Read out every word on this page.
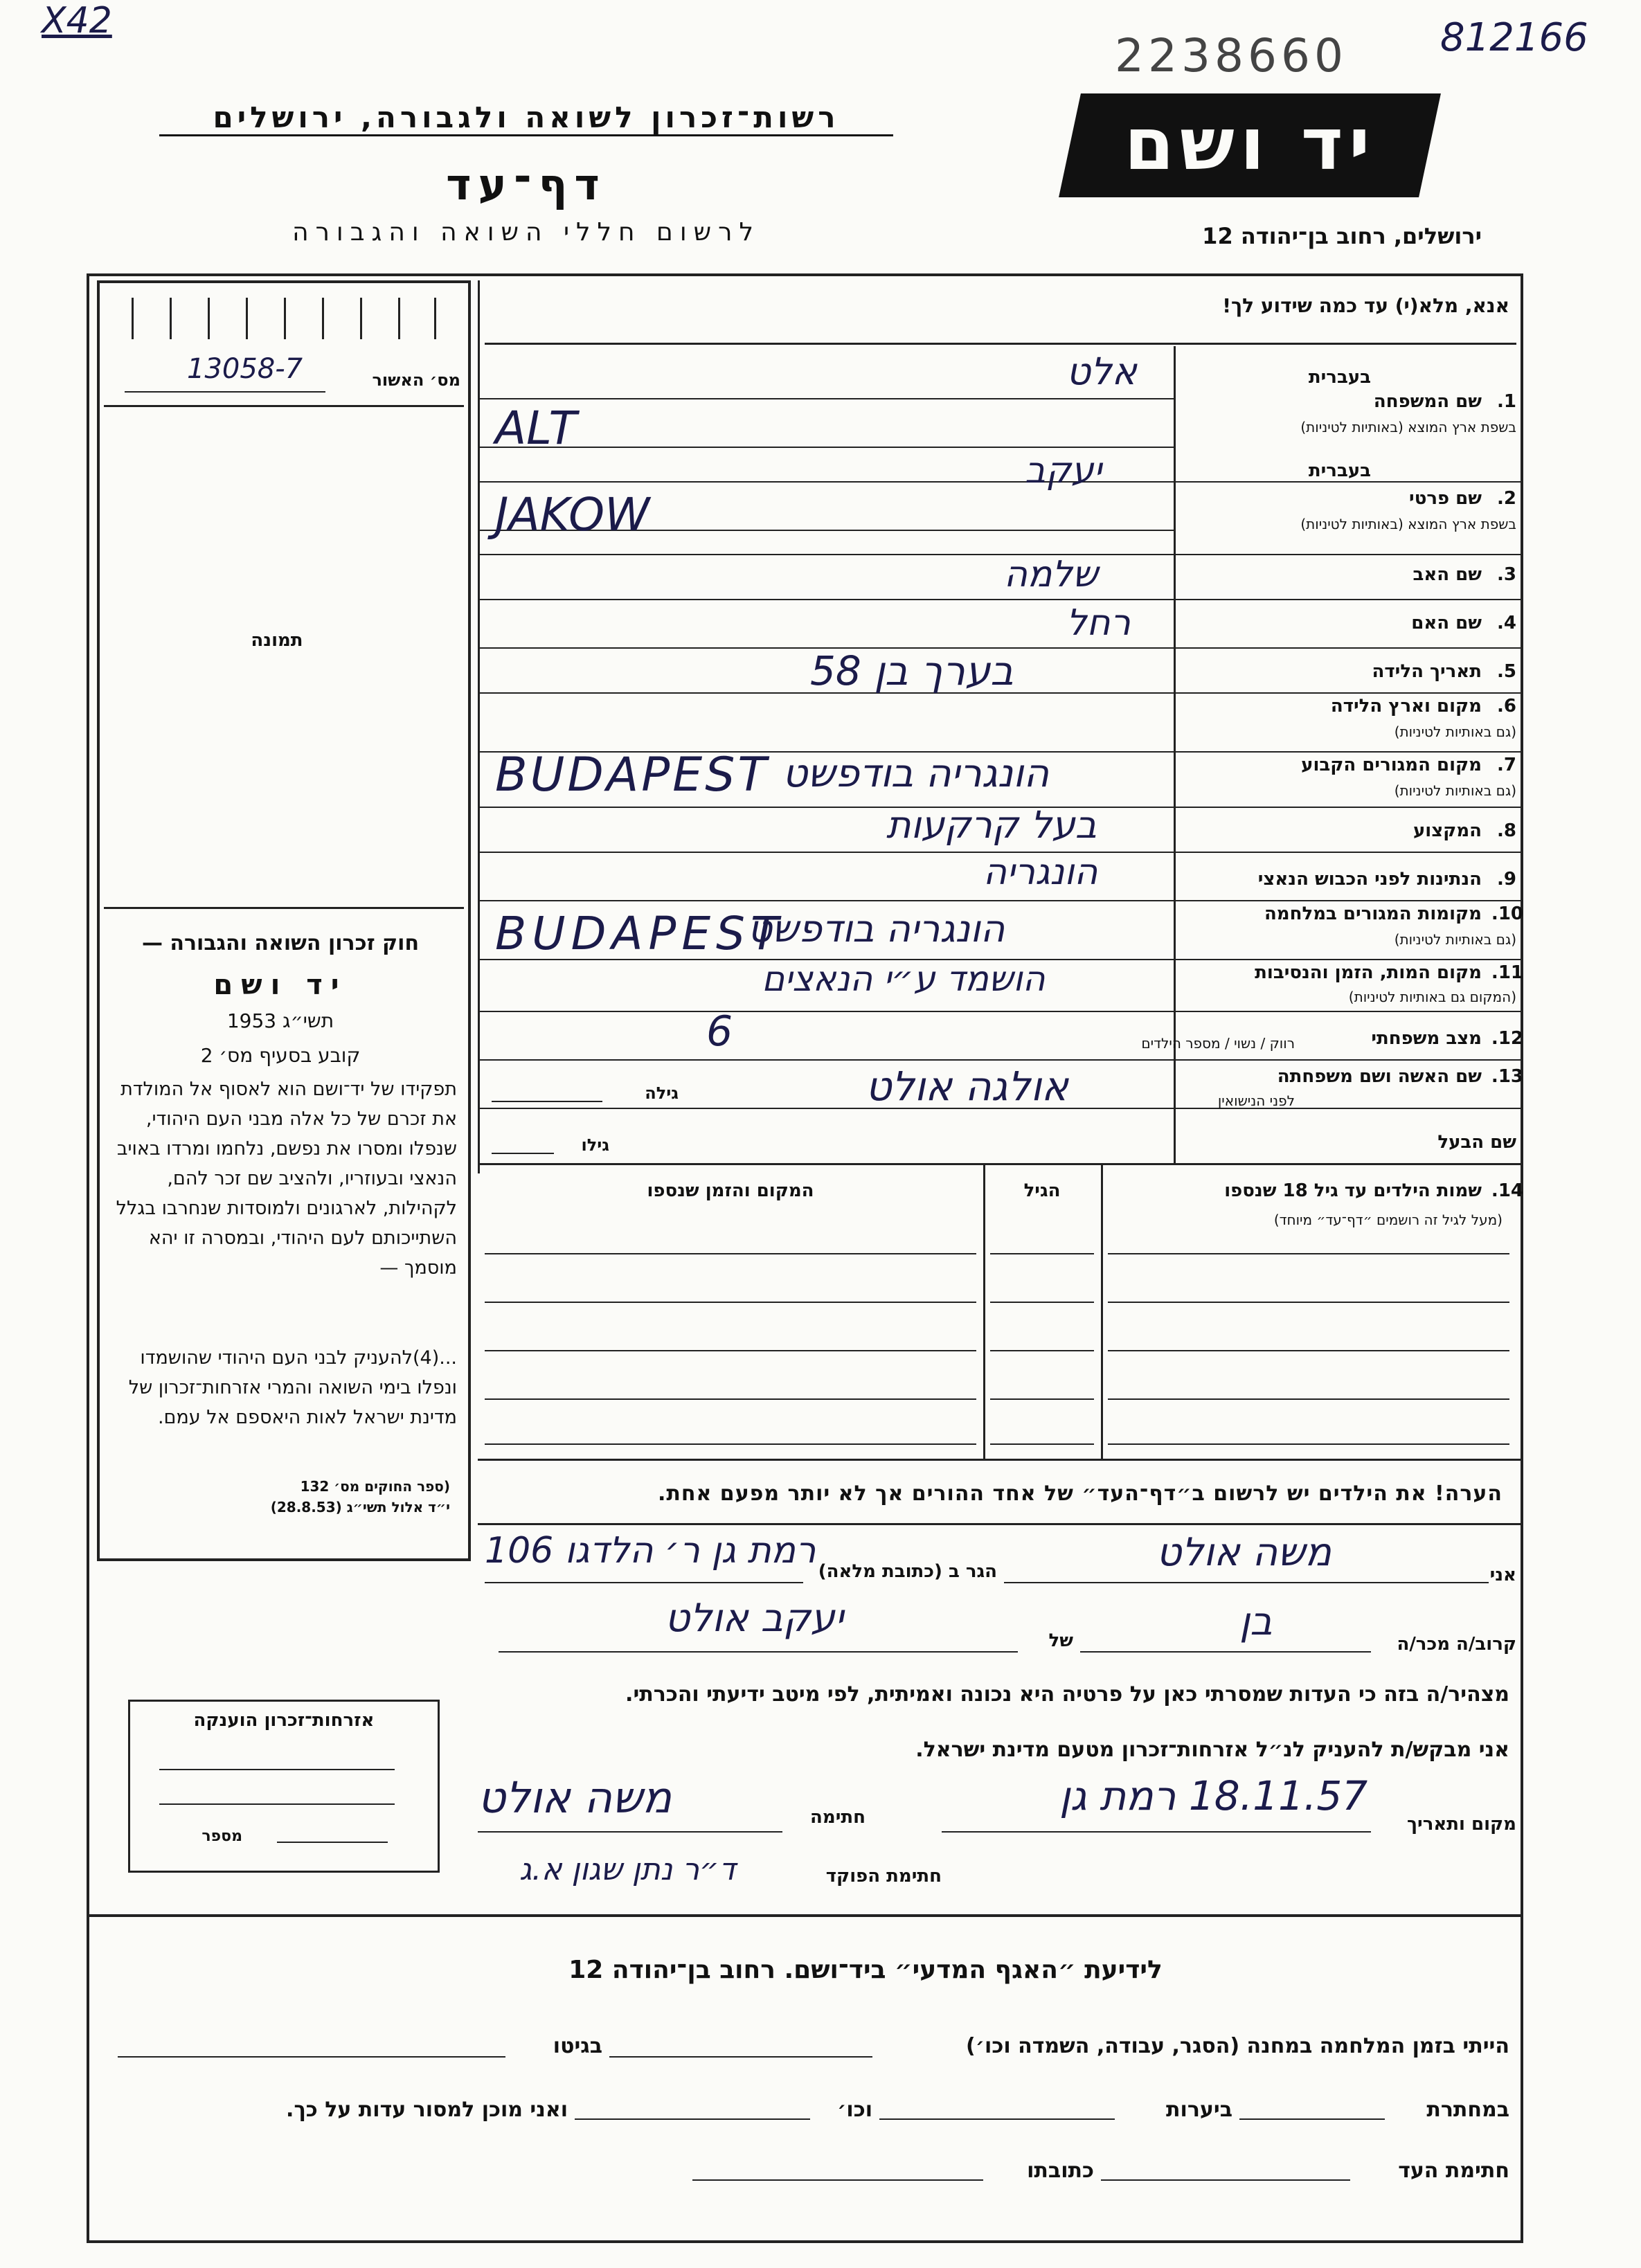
X42
2238660 812166
רשות־זכרון לשואה ולגבורה, ירושלים
דף־עד
לרשום חללי השואה והגבורה
יד ושם
ירושלים, רחוב בן־יהודה 12
מס׳ האשור
13058-7
תמונה
חוק זכרון השואה והגבורה —
יד ושם
תשי״ג 1953
קובע בסעיף מס׳ 2
תפקידו של יד־ושם הוא לאסוף אל המולדת את זכרם של כל אלה מבני העם היהודי, שנפלו ומסרו את נפשם, נלחמו ומרדו באויב הנאצי ובעוזריו, ולהציב שם זכר להם, לקהילות, לארגונים ולמוסדות שנחרבו בגלל השתייכותם לעם היהודי, ובמסרה זו יהא מוסמך —
...(4)להעניק לבני העם היהודי שהושמדו ונפלו בימי השואה והמרי אזרחות־זכרון של מדינת ישראל לאות היאספם אל עמם.
(ספר החוקים מס׳ 132
י״ד אלול תשי״ג (28.8.53)
אנא, מלא(י) עד כמה שידוע לך!
בעברית
1.
שם המשפחה
בשפת ארץ המוצא (באותיות לטיניות)
אלט
ALT
בעברית
2.
שם פרטי
בשפת ארץ המוצא (באותיות לטיניות)
יעקב
JAKOW
3.
שם האב
שלמה
4.
שם האם
רחל
5.
תאריך הלידה
בערך בן 58
6.
מקום וארץ הלידה
(גם באותיות לטיניות)
7.
מקום המגורים הקבוע
(גם באותיות לטיניות)
BUDAPEST הונגריה בודפשט
8.
המקצוע
בעל קרקעות
9.
הנתינות לפני הכבוש הנאצי
הונגריה
10.
מקומות המגורים במלחמה
(גם באותיות לטיניות)
BUDAPEST
הונגריה בודפשט
11.
מקום המות, הזמן והנסיבות
(המקום גם באותיות לטיניות)
הושמד ע״י הנאצים
12.
מצב משפחתי
רווק / נשוי / מספר הילדים
6
13.
שם האשה ושם משפחתה
לפני הנישואין
אולגה אולט
גילה
שם הבעל
גילו
14.
שמות הילדים עד גיל 18 שנספו
(מעל לגיל זה רושמים ״דף־עד״ מיוחד)
הגיל
המקום והזמן שנספו
הערה! את הילדים יש לרשום ב״דף־העד״ של אחד ההורים אך לא יותר מפעם אחת.
אני
משה אולט
הגר ב (כתובת מלאה)
רמת גן ר׳ הלדגו 106
קרוב/ה מכר/ה
בן
של
יעקב אולט
מצהיר/ה בזה כי העדות שמסרתי כאן על פרטיה היא נכונה ואמיתית, לפי מיטב ידיעתי והכרתי.
אני מבקש/ת להעניק לנ״ל אזרחות־זכרון מטעם מדינת ישראל.
מקום ותאריך
18.11.57 רמת גן
חתימה
משה אולט
חתימת הפוקד
ד״ר נתן שגון א.ג
אזרחות־זכרון הוענקה
מספר
לידיעת ״האגף המדעי״ ביד־ושם. רחוב בן־יהודה 12
הייתי בזמן המלחמה במחנה (הסגר, עבודה, השמדה וכו׳)
בגיטו
במחתרת
ביערות
וכו׳
ואני מוכן למסור עדות על כך.
חתימת העד
כתובתו
